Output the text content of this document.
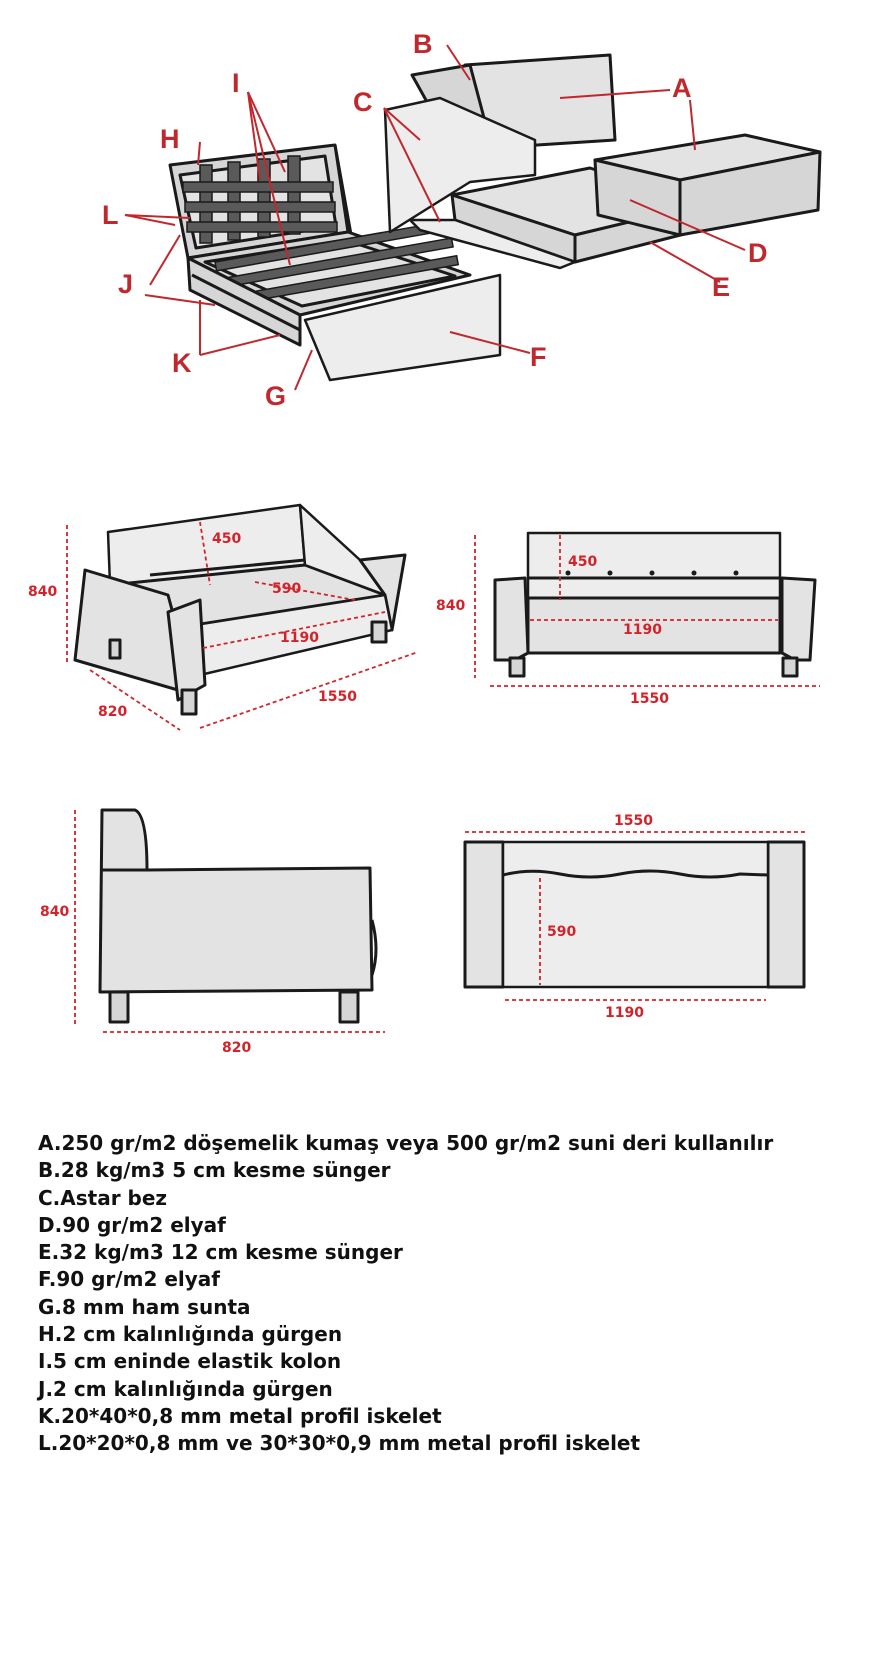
A
B
C
D
E
F
G
H
I
J
K
L
840
820
1550
1190
450
590
840
450
1190
1550
840
820
1550
590
1190
A.250 gr/m2 döşemelik kumaş veya 500 gr/m2 suni deri kullanılır
B.28 kg/m3 5 cm kesme sünger
C.Astar bez
D.90 gr/m2 elyaf
E.32 kg/m3 12 cm kesme sünger
F.90 gr/m2 elyaf
G.8 mm ham sunta
H.2 cm kalınlığında gürgen
I.5 cm eninde elastik kolon
J.2 cm kalınlığında gürgen
K.20*40*0,8 mm metal profil iskelet
L.20*20*0,8 mm ve 30*30*0,9 mm metal profil iskelet
